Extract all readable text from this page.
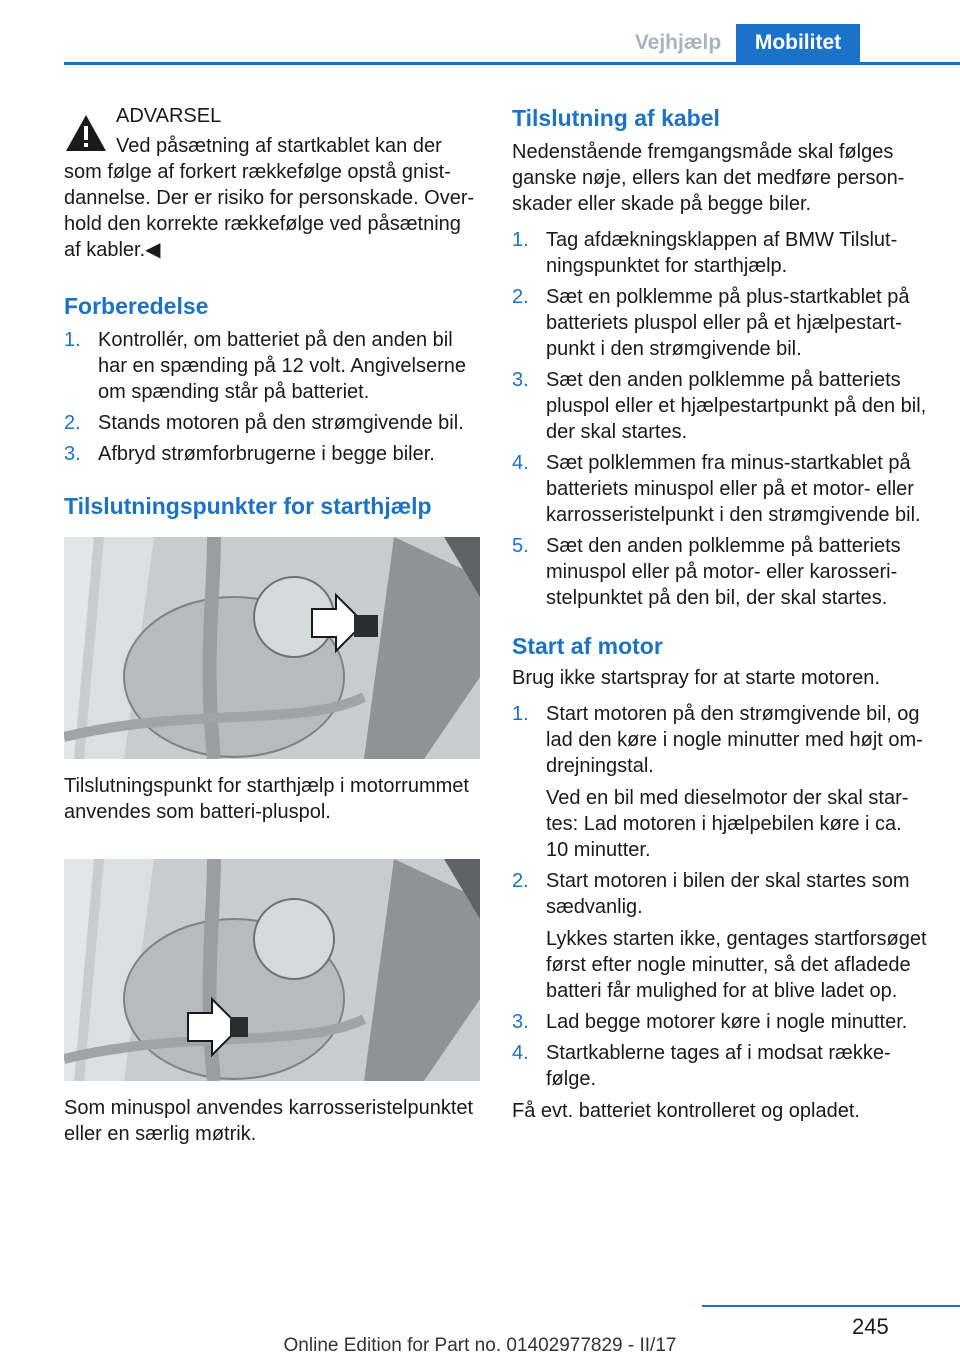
Vejhjælp	Mobilitet
ADVARSEL
Ved påsætning af startkablet kan der som følge af forkert rækkefølge opstå gnistdannelse. Der er risiko for personskade. Overhold den korrekte rækkefølge ved påsætning af kabler.◀
Forberedelse
1. Kontrollér, om batteriet på den anden bil har en spænding på 12 volt. Angivelserne om spænding står på batteriet.
2. Stands motoren på den strømgivende bil.
3. Afbryd strømforbrugerne i begge biler.
Tilslutningspunkter for starthjælp
Tilslutningspunkt for starthjælp i motorrummet anvendes som batteri-pluspol.
Som minuspol anvendes karrosseristelpunktet eller en særlig møtrik.
Tilslutning af kabel

Nedenstående fremgangsmåde skal følges ganske nøje, ellers kan det medføre personskader eller skade på begge biler.

1. Tag afdækningsklappen af BMW Tilslutningspunktet for starthjælp.
2. Sæt en polklemme på plus-startkablet på batteriets pluspol eller på et hjælpestartpunkt i den strømgivende bil.
3. Sæt den anden polklemme på batteriets pluspol eller et hjælpestartpunkt på den bil, der skal startes.
4. Sæt polklemmen fra minus-startkablet på batteriets minuspol eller på et motor- eller karrosseristelpunkt i den strømgivende bil.
5. Sæt den anden polklemme på batteriets minuspol eller på motor- eller karosseristelpunktet på den bil, der skal startes.
Start af motor

Brug ikke startspray for at starte motoren.

1. Start motoren på den strømgivende bil, og lad den køre i nogle minutter med højt omdrejningstal.
Ved en bil med dieselmotor der skal startes: Lad motoren i hjælpebilen køre i ca. 10 minutter.
2. Start motoren i bilen der skal startes som sædvanlig.
Lykkes starten ikke, gentages startforsøget først efter nogle minutter, så det afladede batteri får mulighed for at blive ladet op.
3. Lad begge motorer køre i nogle minutter.
4. Startkablerne tages af i modsat rækkefølge.

Få evt. batteriet kontrolleret og opladet.

245
Online Edition for Part no. 01402977829 - II/17
